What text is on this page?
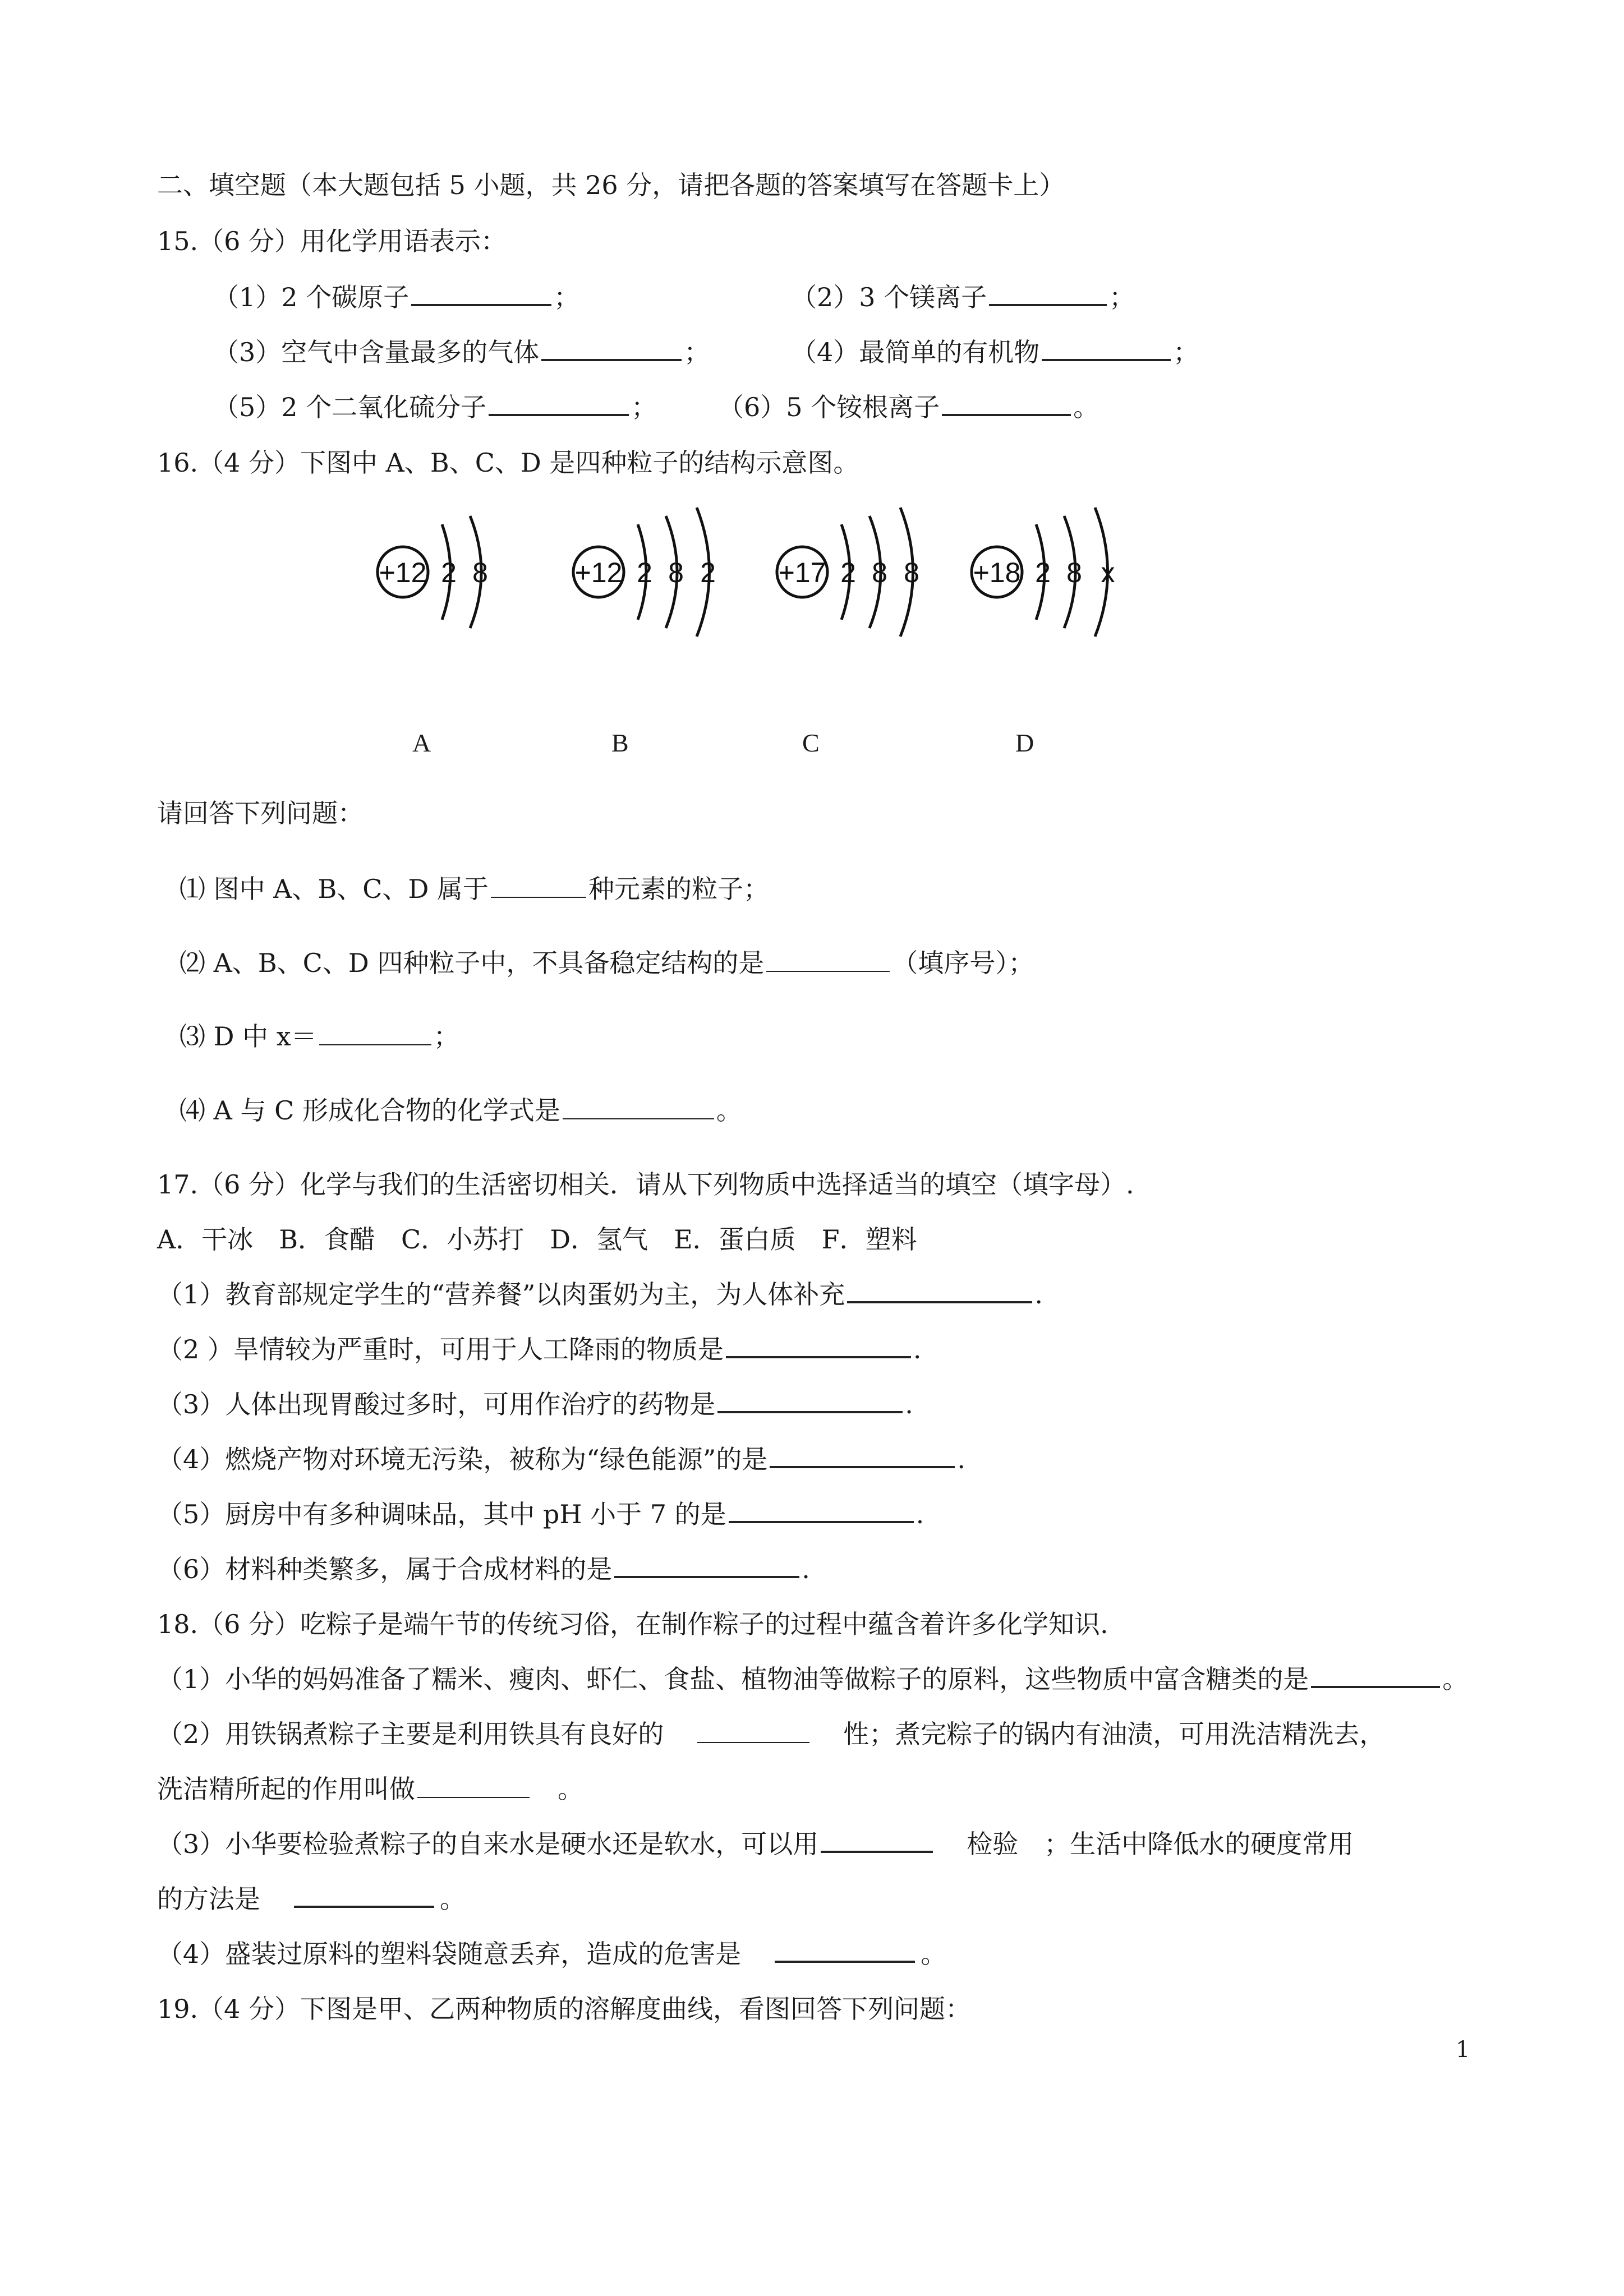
二、填空题（本大题包括 5 小题，共 26 分，请把各题的答案填写在答题卡上）
15.（6 分）用化学用语表示：
（1）2 个碳原子	；	（2）3 个镁离子	；
（3）空气中含量最多的气体	；	（4）最简单的有机物	；
（5）2 个二氧化硫分子	； （6）5 个铵根离子	。
16.（4 分）下图中 A、B、C、D 是四种粒子的结构示意图。
+12 2 8	+12 2 8 2 +17 2 8 8 +18 2 8 x
A	B	C	D
请回答下列问题：
⑴ 图中 A、B、C、D 属于	种元素的粒子；
⑵ A、B、C、D 四种粒子中，不具备稳定结构的是	（填序号）；
⑶ D 中 x＝	；
⑷ A 与 C 形成化合物的化学式是	。
17.（6 分）化学与我们的生活密切相关．请从下列物质中选择适当的填空（填字母）.
A．干冰　B．食醋　C．小苏打　D．氢气　E．蛋白质　F．塑料
（1）教育部规定学生的“营养餐”以肉蛋奶为主，为人体补充	.
（2 ）旱情较为严重时，可用于人工降雨的物质是	.
（3）人体出现胃酸过多时，可用作治疗的药物是	.
（4）燃烧产物对环境无污染，被称为“绿色能源”的是	.
（5）厨房中有多种调味品，其中 pH 小于 7 的是	.
（6）材料种类繁多，属于合成材料的是	.
18.（6 分）吃粽子是端午节的传统习俗，在制作粽子的过程中蕴含着许多化学知识.
（1）小华的妈妈准备了糯米、瘦肉、虾仁、食盐、植物油等做粽子的原料，这些物质中富含糖类的是	。
（2）用铁锅煮粽子主要是利用铁具有良好的	性；煮完粽子的锅内有油渍，可用洗洁精洗去，
洗洁精所起的作用叫做	。
（3）小华要检验煮粽子的自来水是硬水还是软水，可以用	检验　；生活中降低水的硬度常用
的方法是	。
（4）盛装过原料的塑料袋随意丢弃，造成的危害是	。
19.（4 分）下图是甲、乙两种物质的溶解度曲线，看图回答下列问题：
1
